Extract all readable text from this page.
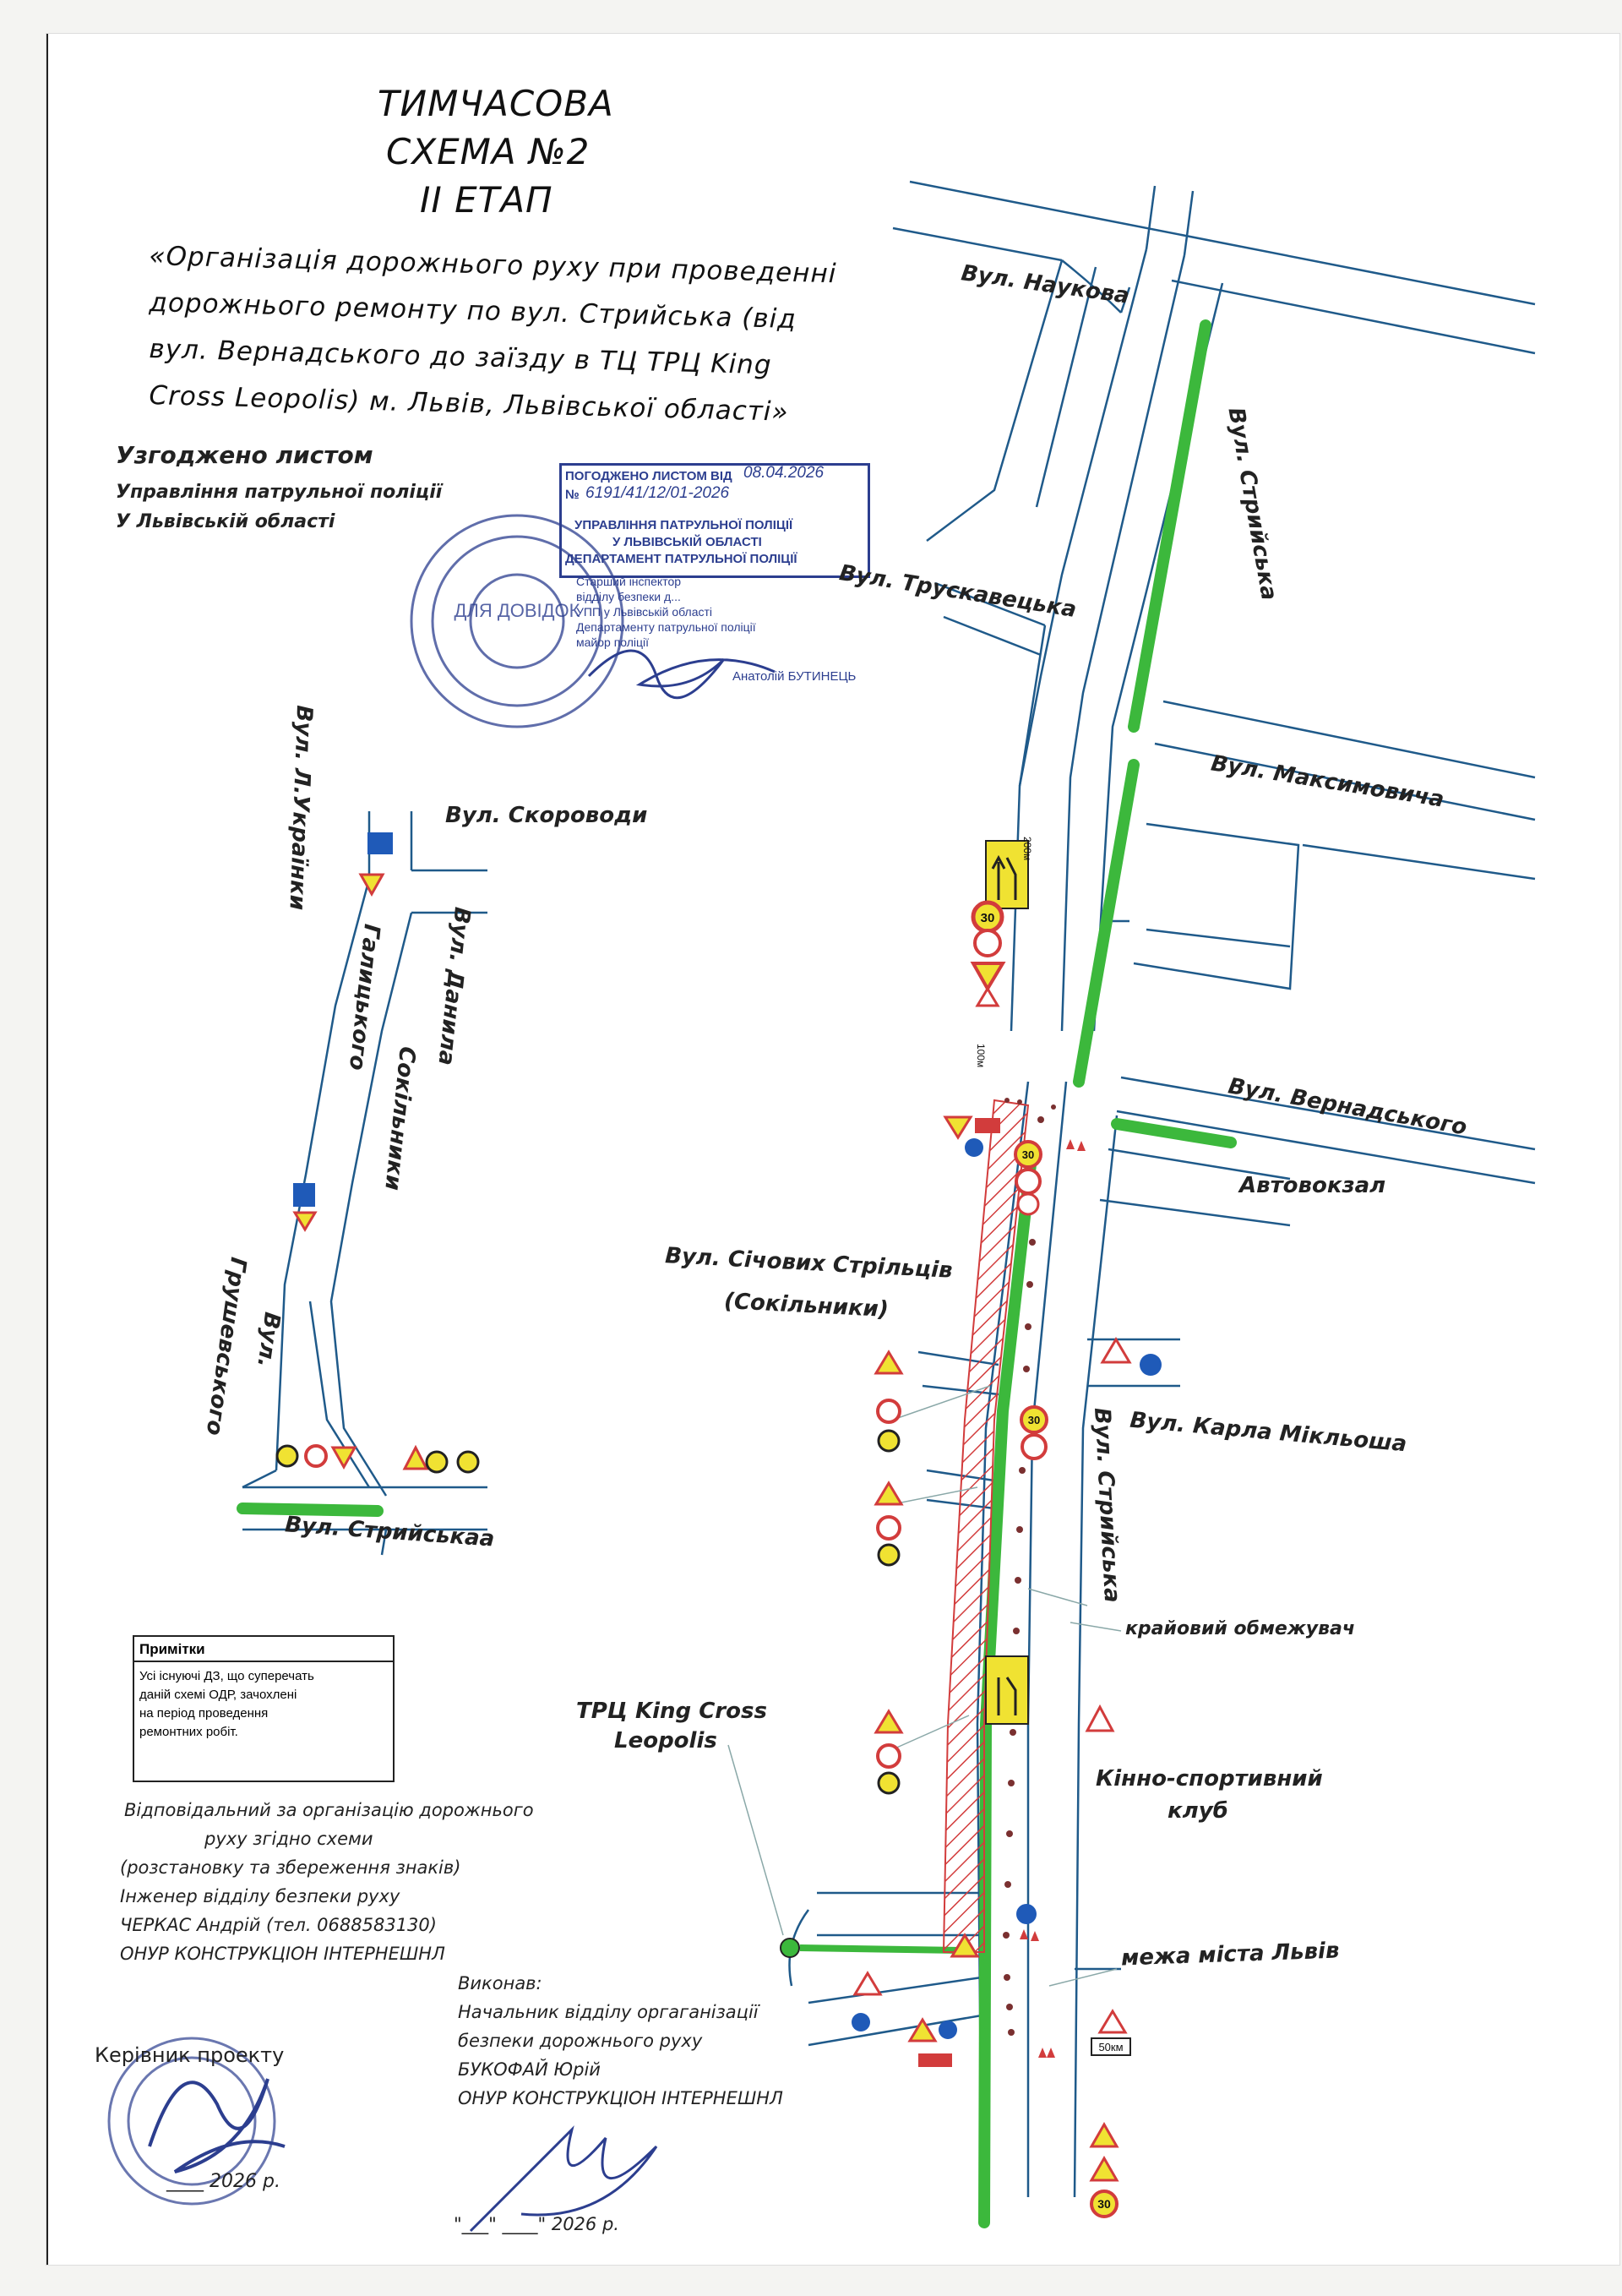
30
30
30
30
50км
200м
100м
ДЛЯ ДОВІДОК
ТИМЧАСОВА
СХЕМА №2
II ЕТАП
«Організація дорожнього руху при проведенні
дорожнього ремонту по вул. Стрийська (від
вул. Вернадського до заїзду в ТЦ ТРЦ King
Cross Leopolis) м. Львів, Львівської області»
Узгоджено листом
Управління патрульної поліції
У Львівській області
ПОГОДЖЕНО ЛИСТОМ ВІД 08.04.2026
№ 6191/41/12/01-2026
УПРАВЛІННЯ ПАТРУЛЬНОЇ ПОЛІЦІЇ
У ЛЬВІВСЬКІЙ ОБЛАСТІ
ДЕПАРТАМЕНТ ПАТРУЛЬНОЇ ПОЛІЦІЇ
Старший інспектор
відділу безпеки д...
УПП у Львівській області
Департаменту патрульної поліції
майор поліції
Анатолій БУТИНЕЦЬ
Вул. Наукова
Вул. Стрийська
Вул. Трускавецька
Вул. Максимовича
Вул. Вернадського
Автовокзал
Вул. Січових Стрільців
(Сокільники)
Вул. Карла Мікльоша
Вул. Стрийська
Вул. Л.Українки	Вул. Скороводи
Вул. Данила
Галицького
Сокільники
Вул.
Грушевського
Вул. Стрийськаа
крайовий обмежувач
ТРЦ King Cross
Leopolis
Кінно-спортивний
клуб
межа міста Львів
Примітки
Усі існуючі ДЗ, що суперечать
даній схемі ОДР, зачохлені
на період проведення
ремонтних робіт.
Відповідальний за організацію дорожнього
руху згідно схеми
(розстановку та збереження знаків)
Інженер відділу безпеки руху
ЧЕРКАС Андрій (тел. 0688583130)
ОНУР КОНСТРУКЦІОН ІНТЕРНЕШНЛ
Виконав:
Начальник відділу оргаганізації
безпеки дорожнього руху
БУКОФАЙ Юрій
ОНУР КОНСТРУКЦІОН ІНТЕРНЕШНЛ
"___" ____" 2026 р.
Керівник проекту
____ 2026 р.
